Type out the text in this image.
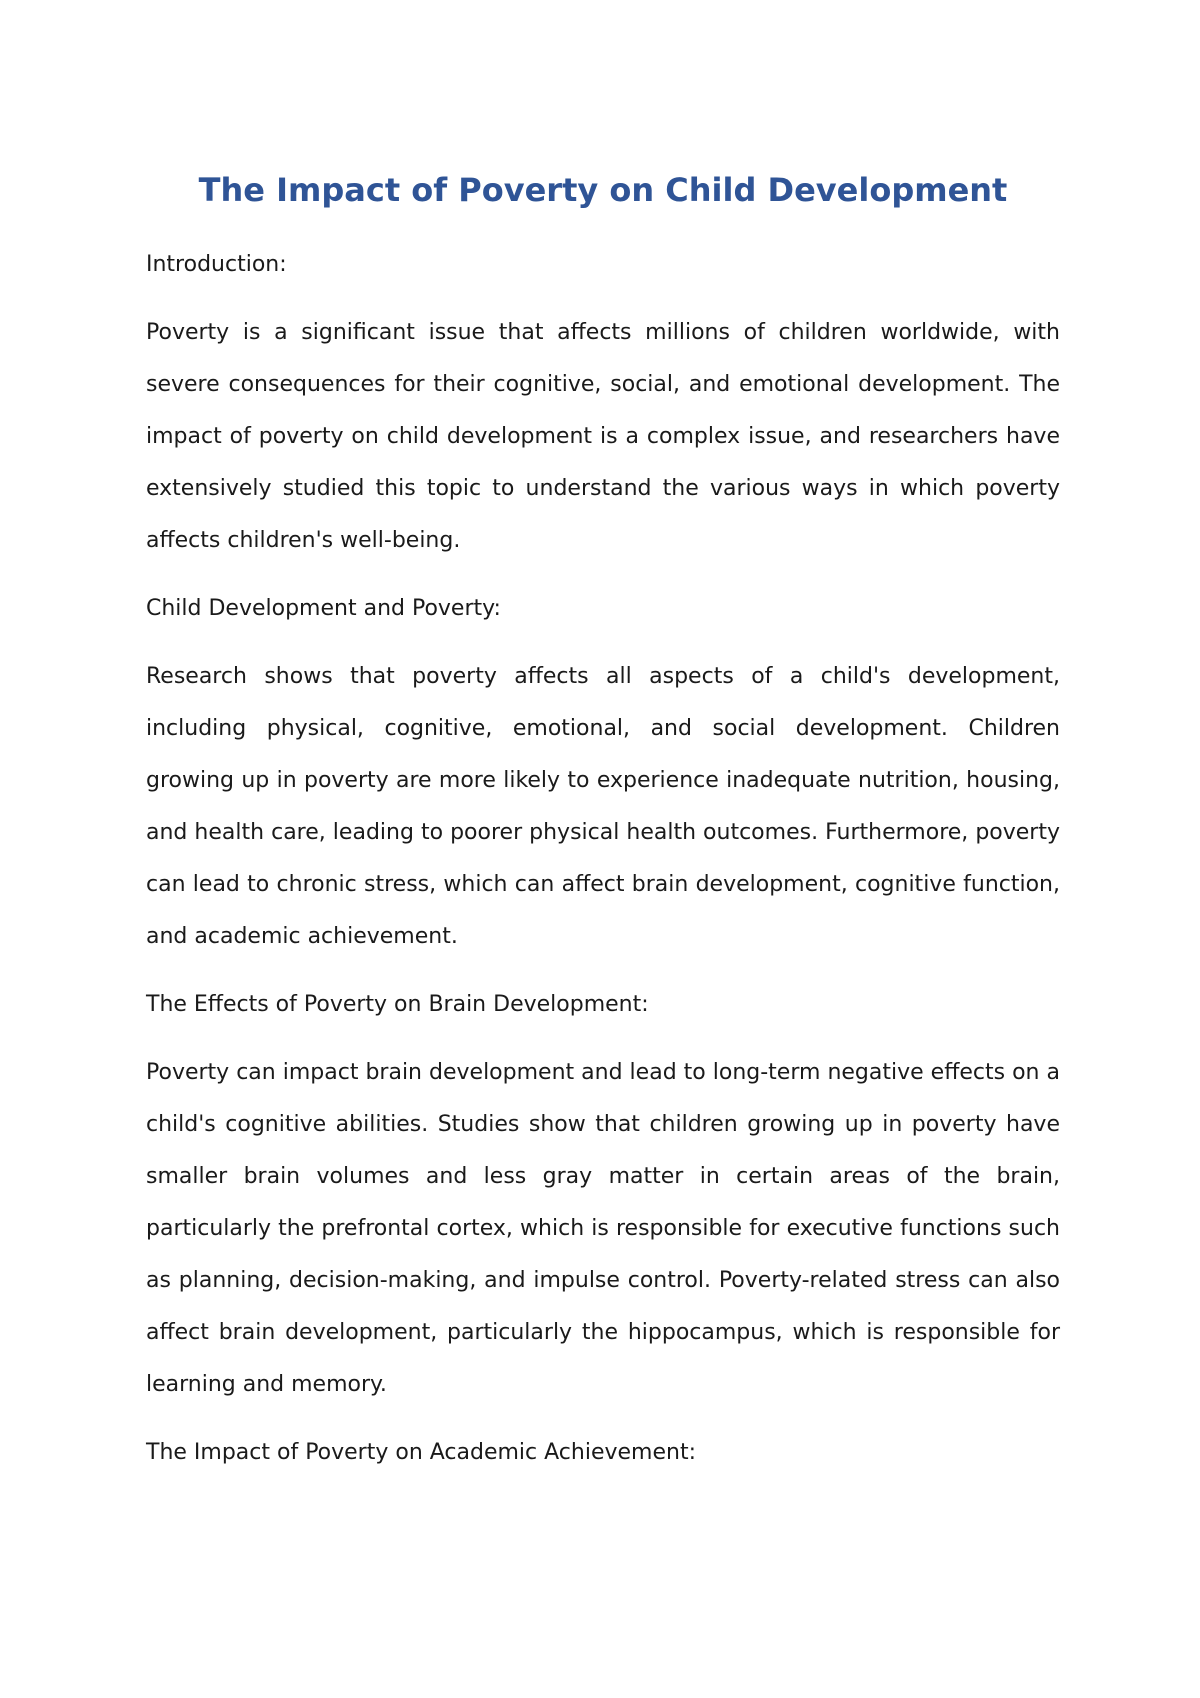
The Impact of Poverty on Child Development

Introduction:

Poverty is a significant issue that affects millions of children worldwide, with severe consequences for their cognitive, social, and emotional development. The impact of poverty on child development is a complex issue, and researchers have extensively studied this topic to understand the various ways in which poverty affects children's well-being.

Child Development and Poverty:

Research shows that poverty affects all aspects of a child's development, including physical, cognitive, emotional, and social development. Children growing up in poverty are more likely to experience inadequate nutrition, housing, and health care, leading to poorer physical health outcomes. Furthermore, poverty can lead to chronic stress, which can affect brain development, cognitive function, and academic achievement.

The Effects of Poverty on Brain Development:

Poverty can impact brain development and lead to long-term negative effects on a child's cognitive abilities. Studies show that children growing up in poverty have smaller brain volumes and less gray matter in certain areas of the brain, particularly the prefrontal cortex, which is responsible for executive functions such as planning, decision-making, and impulse control. Poverty-related stress can also affect brain development, particularly the hippocampus, which is responsible for learning and memory.

The Impact of Poverty on Academic Achievement:
